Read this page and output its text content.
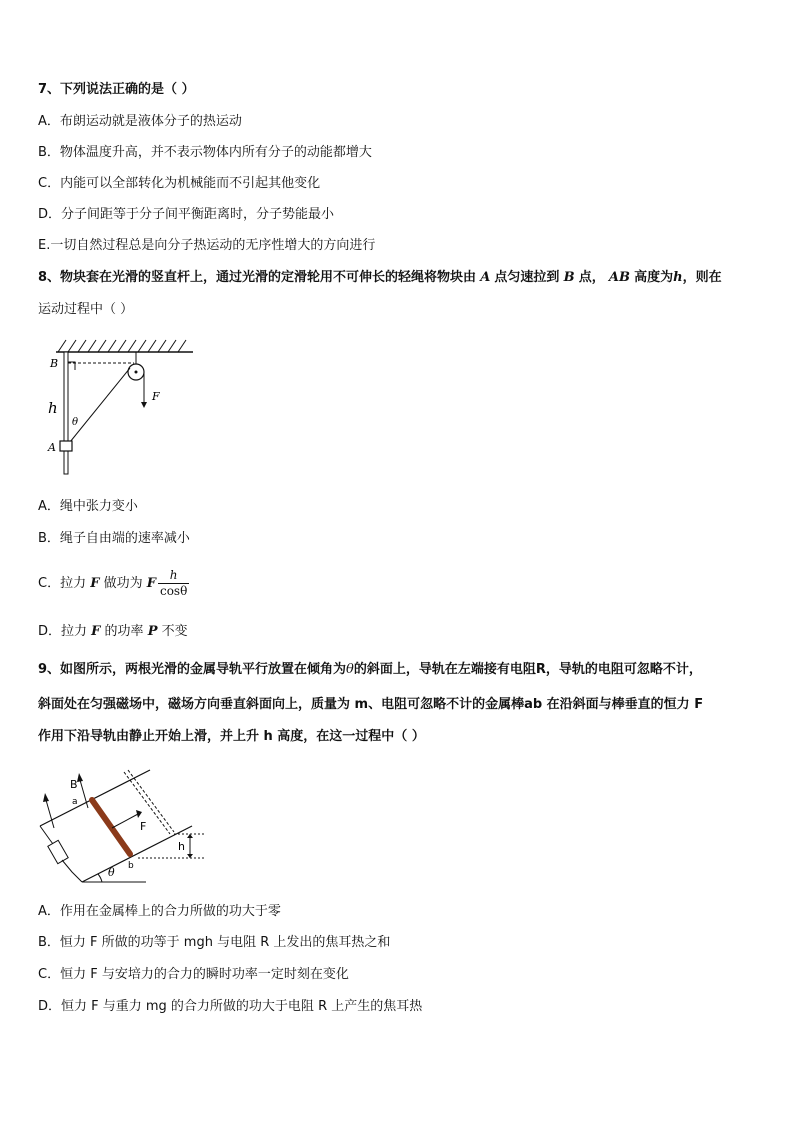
7、下列说法正确的是（ ）
A．布朗运动就是液体分子的热运动
B．物体温度升高，并不表示物体内所有分子的动能都增大
C．内能可以全部转化为机械能而不引起其他变化
D．分子间距等于分子间平衡距离时，分子势能最小
E.一切自然过程总是向分子热运动的无序性增大的方向进行
8、物块套在光滑的竖直杆上，通过光滑的定滑轮用不可伸长的轻绳将物块由 A 点匀速拉到 B 点， AB 高度为h，则在
运动过程中（ ）
B
h
θ
A
F
A．绳中张力变小
B．绳子自由端的速率减小
C．拉力 F 做功为 F $\frac{h}{\cos\theta}$
D．拉力 F 的功率 P 不变
9、如图所示，两根光滑的金属导轨平行放置在倾角为θ的斜面上，导轨在左端接有电阻R，导轨的电阻可忽略不计，
斜面处在匀强磁场中，磁场方向垂直斜面向上，质量为 m、电阻可忽略不计的金属棒ab 在沿斜面与棒垂直的恒力 F
作用下沿导轨由静止开始上滑，并上升 h 高度，在这一过程中（ ）
B
a
F
h
b
θ
A．作用在金属棒上的合力所做的功大于零
B．恒力 F 所做的功等于 mgh 与电阻 R 上发出的焦耳热之和
C．恒力 F 与安培力的合力的瞬时功率一定时刻在变化
D．恒力 F 与重力 mg 的合力所做的功大于电阻 R 上产生的焦耳热
